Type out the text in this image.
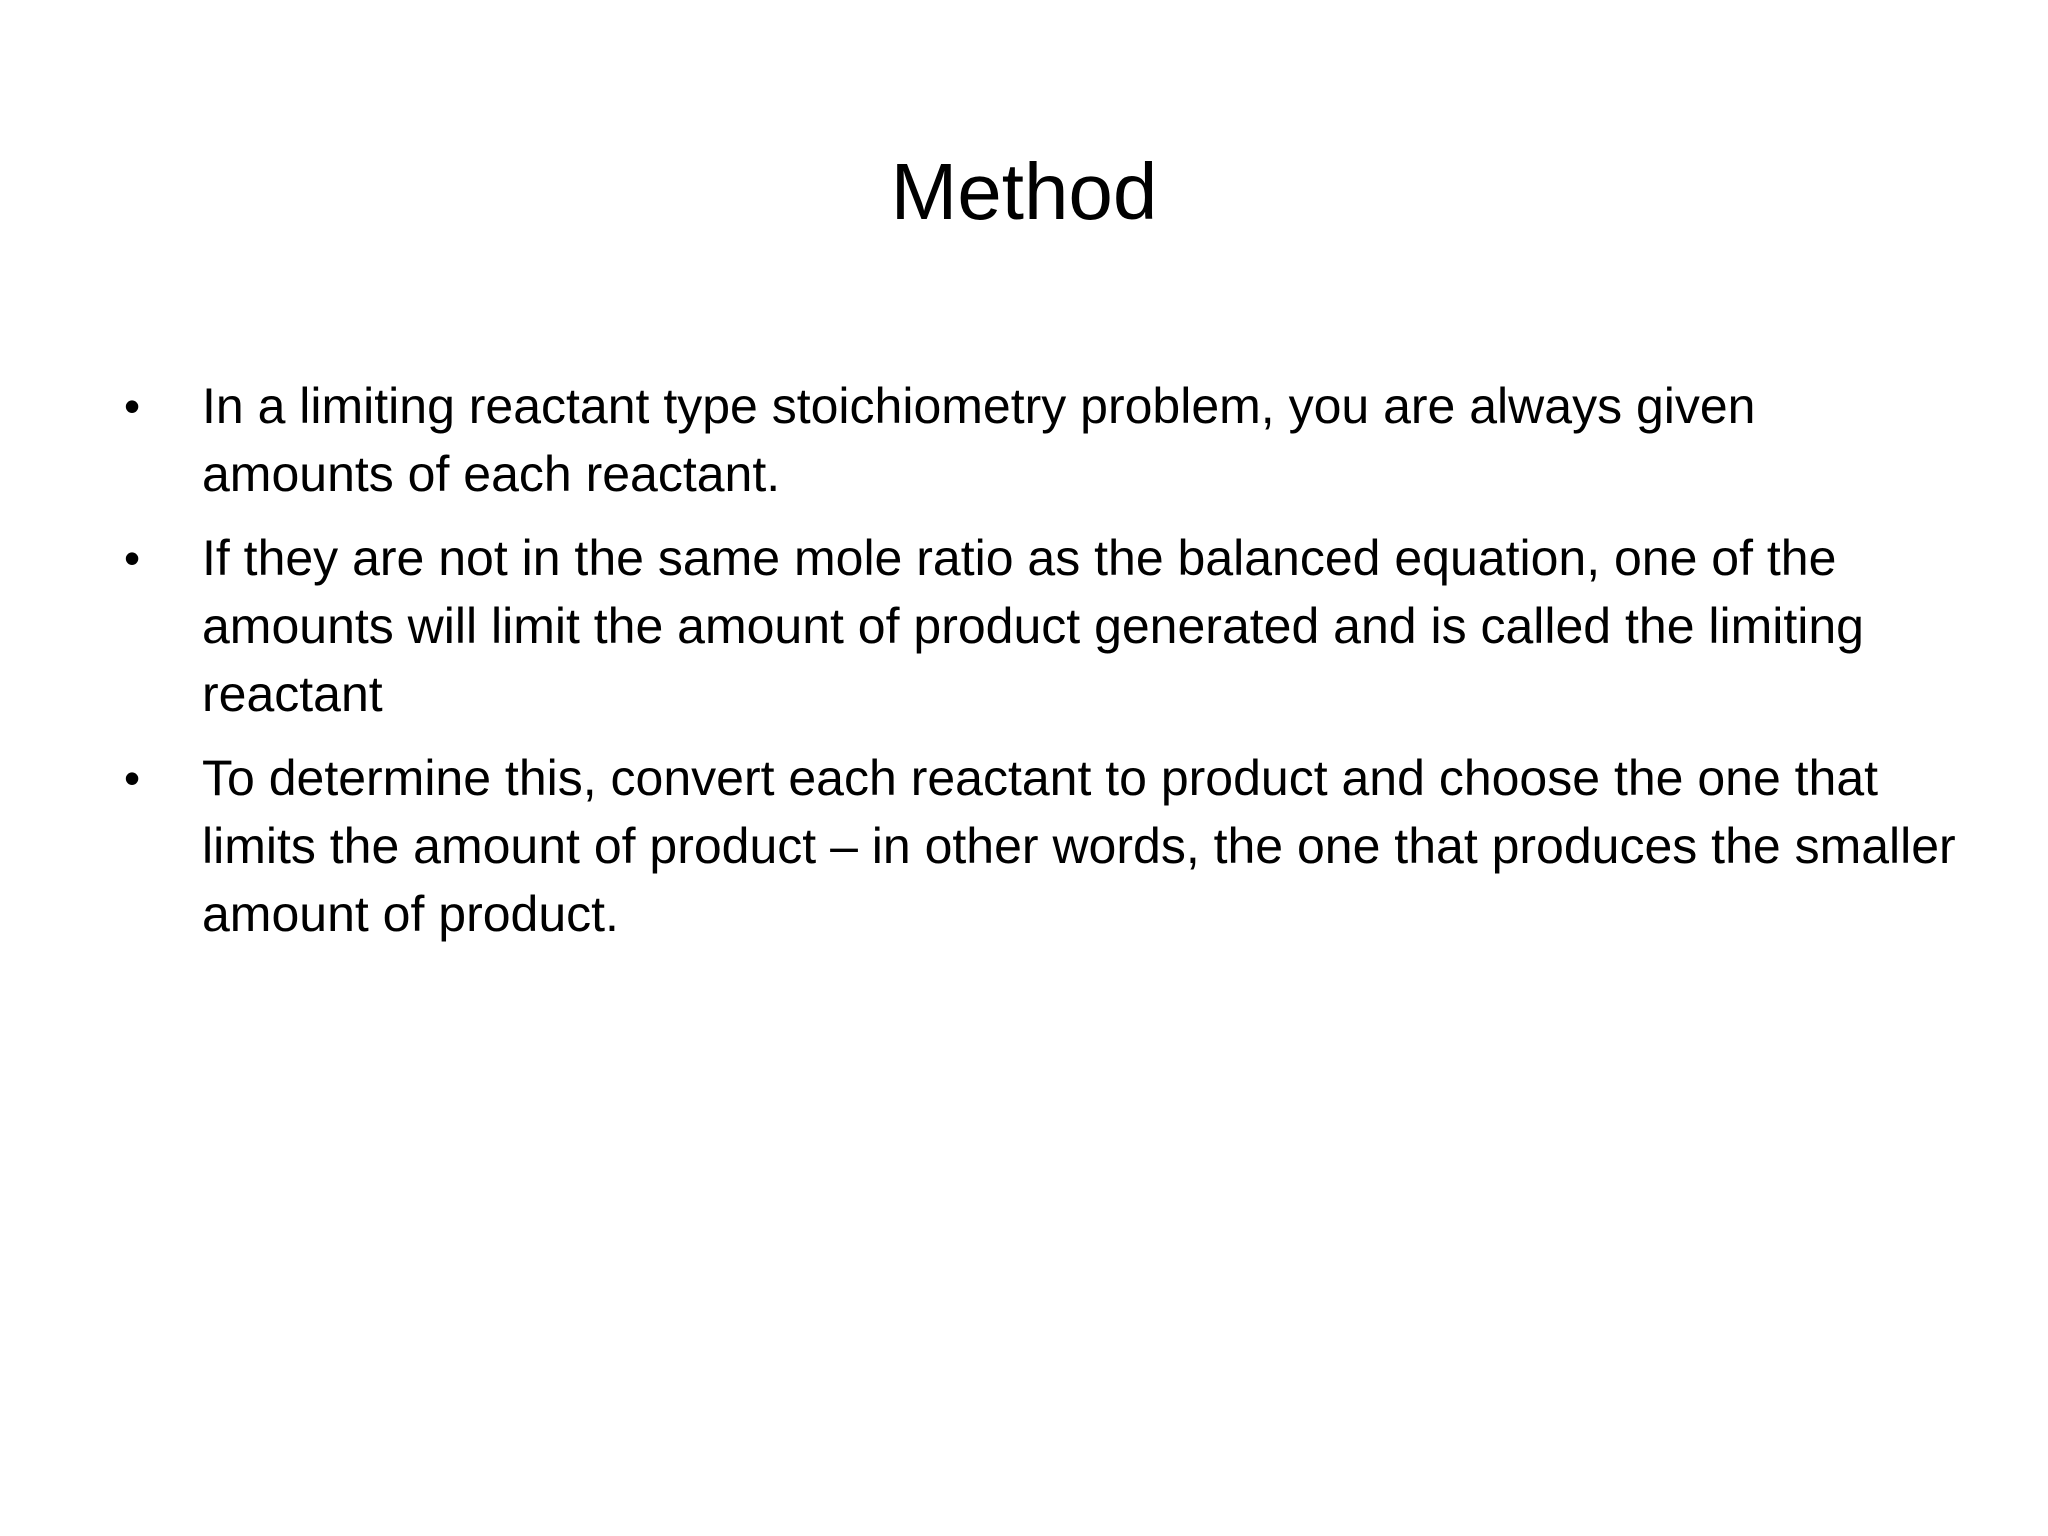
Method
•	In a limiting reactant type stoichiometry problem, you are always given amounts of each reactant.
•	If they are not in the same mole ratio as the balanced equation, one of the amounts will limit the amount of product generated and is called the limiting reactant
•	To determine this, convert each reactant to product and choose the one that limits the amount of product – in other words, the one that produces the smaller amount of product.
